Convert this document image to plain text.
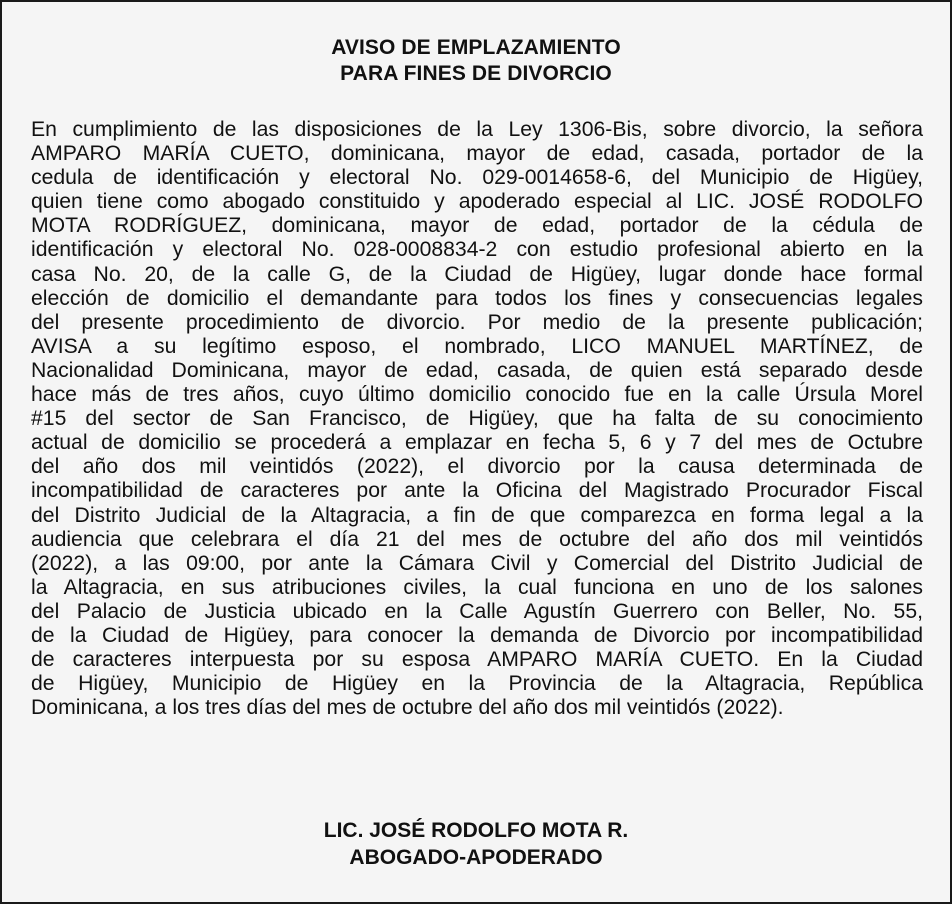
AVISO DE EMPLAZAMIENTO
PARA FINES DE DIVORCIO
En cumplimiento de las disposiciones de la Ley 1306-Bis, sobre divorcio, la señora
AMPARO MARÍA CUETO, dominicana, mayor de edad, casada, portador de la
cedula de identificación y electoral No. 029-0014658-6, del Municipio de Higüey,
quien tiene como abogado constituido y apoderado especial al LIC. JOSÉ RODOLFO
MOTA RODRÍGUEZ, dominicana, mayor de edad, portador de la cédula de
identificación y electoral No. 028-0008834-2 con estudio profesional abierto en la
casa No. 20, de la calle G, de la Ciudad de Higüey, lugar donde hace formal
elección de domicilio el demandante para todos los fines y consecuencias legales
del presente procedimiento de divorcio. Por medio de la presente publicación;
AVISA a su legítimo esposo, el nombrado, LICO MANUEL MARTÍNEZ, de
Nacionalidad Dominicana, mayor de edad, casada, de quien está separado desde
hace más de tres años, cuyo último domicilio conocido fue en la calle Úrsula Morel
#15 del sector de San Francisco, de Higüey, que ha falta de su conocimiento
actual de domicilio se procederá a emplazar en fecha 5, 6 y 7 del mes de Octubre
del año dos mil veintidós (2022), el divorcio por la causa determinada de
incompatibilidad de caracteres por ante la Oficina del Magistrado Procurador Fiscal
del Distrito Judicial de la Altagracia, a fin de que comparezca en forma legal a la
audiencia que celebrara el día 21 del mes de octubre del año dos mil veintidós
(2022), a las 09:00, por ante la Cámara Civil y Comercial del Distrito Judicial de
la Altagracia, en sus atribuciones civiles, la cual funciona en uno de los salones
del Palacio de Justicia ubicado en la Calle Agustín Guerrero con Beller, No. 55,
de la Ciudad de Higüey, para conocer la demanda de Divorcio por incompatibilidad
de caracteres interpuesta por su esposa AMPARO MARÍA CUETO. En la Ciudad
de Higüey, Municipio de Higüey en la Provincia de la Altagracia, República
Dominicana, a los tres días del mes de octubre del año dos mil veintidós (2022).
LIC. JOSÉ RODOLFO MOTA R.
ABOGADO-APODERADO
